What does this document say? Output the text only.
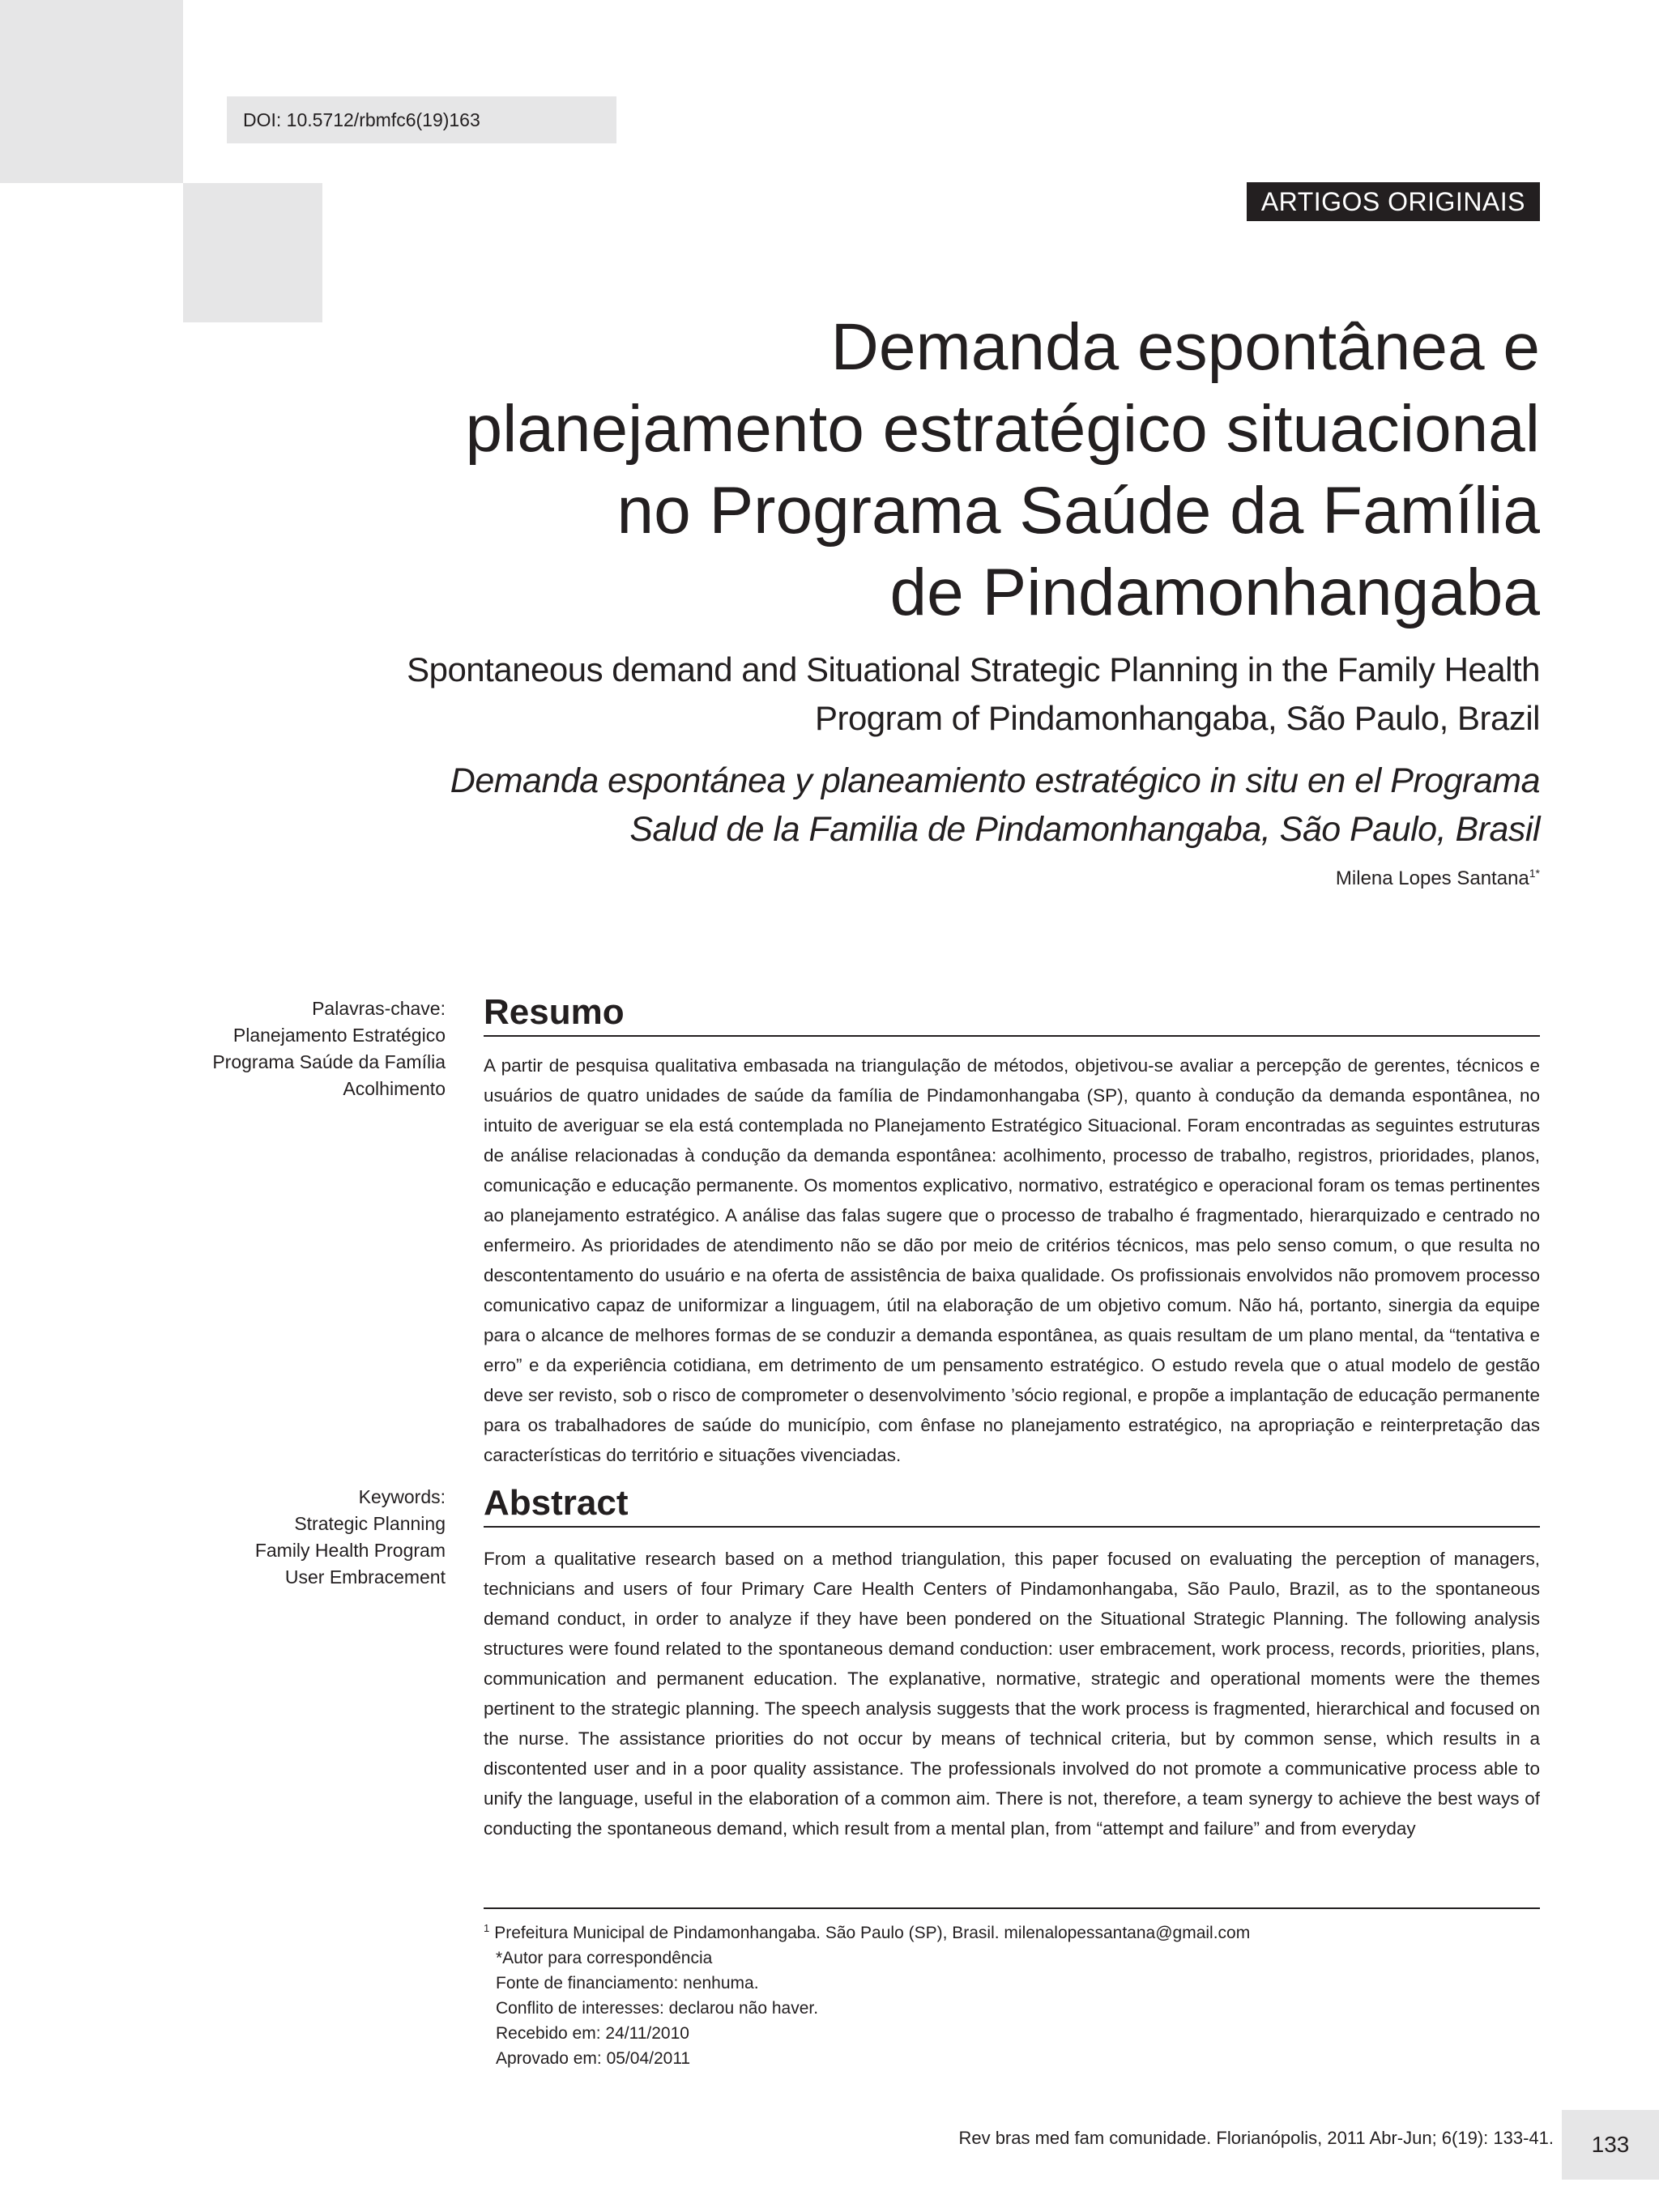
DOI: 10.5712/rbmfc6(19)163
ARTIGOS ORIGINAIS
Demanda espontânea e
planejamento estratégico situacional
no Programa Saúde da Família
de Pindamonhangaba
Spontaneous demand and Situational Strategic Planning in the Family Health
Program of Pindamonhangaba, São Paulo, Brazil
Demanda espontánea y planeamiento estratégico in situ en el Programa
Salud de la Familia de Pindamonhangaba, São Paulo, Brasil
Milena Lopes Santana$^{1*}$
Palavras-chave:
Planejamento Estratégico
Programa Saúde da Família
Acolhimento
Resumo

A partir de pesquisa qualitativa embasada na triangulação de métodos, objetivou-se avaliar a percepção de gerentes, técnicos e usuários de quatro unidades de saúde da família de Pindamonhangaba (SP), quanto à condução da demanda espontânea, no intuito de averiguar se ela está contemplada no Planejamento Estratégico Situacional. Foram encontradas as seguintes estruturas de análise relacionadas à condução da demanda espontânea: acolhimento, processo de trabalho, registros, prioridades, planos, comunicação e educação permanente. Os momentos explicativo, normativo, estratégico e operacional foram os temas pertinentes ao planejamento estratégico. A análise das falas sugere que o processo de trabalho é fragmentado, hierarquizado e centrado no enfermeiro. As prioridades de atendimento não se dão por meio de critérios técnicos, mas pelo senso comum, o que resulta no descontentamento do usuário e na oferta de assistência de baixa qualidade. Os profissionais envolvidos não promovem processo comunicativo capaz de uniformizar a linguagem, útil na elaboração de um objetivo comum. Não há, portanto, sinergia da equipe para o alcance de melhores formas de se conduzir a demanda espontânea, as quais resultam de um plano mental, da “tentativa e erro” e da experiência cotidiana, em detrimento de um pensamento estratégico. O estudo revela que o atual modelo de gestão deve ser revisto, sob o risco de comprometer o desenvolvimento ’sócio regional, e propõe a implantação de educação permanente para os trabalhadores de saúde do município, com ênfase no planejamento estratégico, na apropriação e reinterpretação das características do território e situações vivenciadas.

Keywords:
Strategic Planning
Family Health Program
User Embracement
Abstract

From a qualitative research based on a method triangulation, this paper focused on evaluating the perception of managers, technicians and users of four Primary Care Health Centers of Pindamonhangaba, São Paulo, Brazil, as to the spontaneous demand conduct, in order to analyze if they have been pondered on the Situational Strategic Planning. The following analysis structures were found related to the spontaneous demand conduction: user embracement, work process, records, priorities, plans, communication and permanent education. The explanative, normative, strategic and operational moments were the themes pertinent to the strategic planning. The speech analysis suggests that the work process is fragmented, hierarchical and focused on the nurse. The assistance priorities do not occur by means of technical criteria, but by common sense, which results in a discontented user and in a poor quality assistance. The professionals involved do not promote a communicative process able to unify the language, useful in the elaboration of a common aim. There is not, therefore, a team synergy to achieve the best ways of conducting the spontaneous demand, which result from a mental plan, from “attempt and failure” and from everyday

$^1$ Prefeitura Municipal de Pindamonhangaba. São Paulo (SP), Brasil. milenalopessantana@gmail.com
*Autor para correspondência
Fonte de financiamento: nenhuma.
Conflito de interesses: declarou não haver.
Recebido em: 24/11/2010
Aprovado em: 05/04/2011
Rev bras med fam comunidade. Florianópolis, 2011 Abr-Jun; 6(19): 133-41.	133
